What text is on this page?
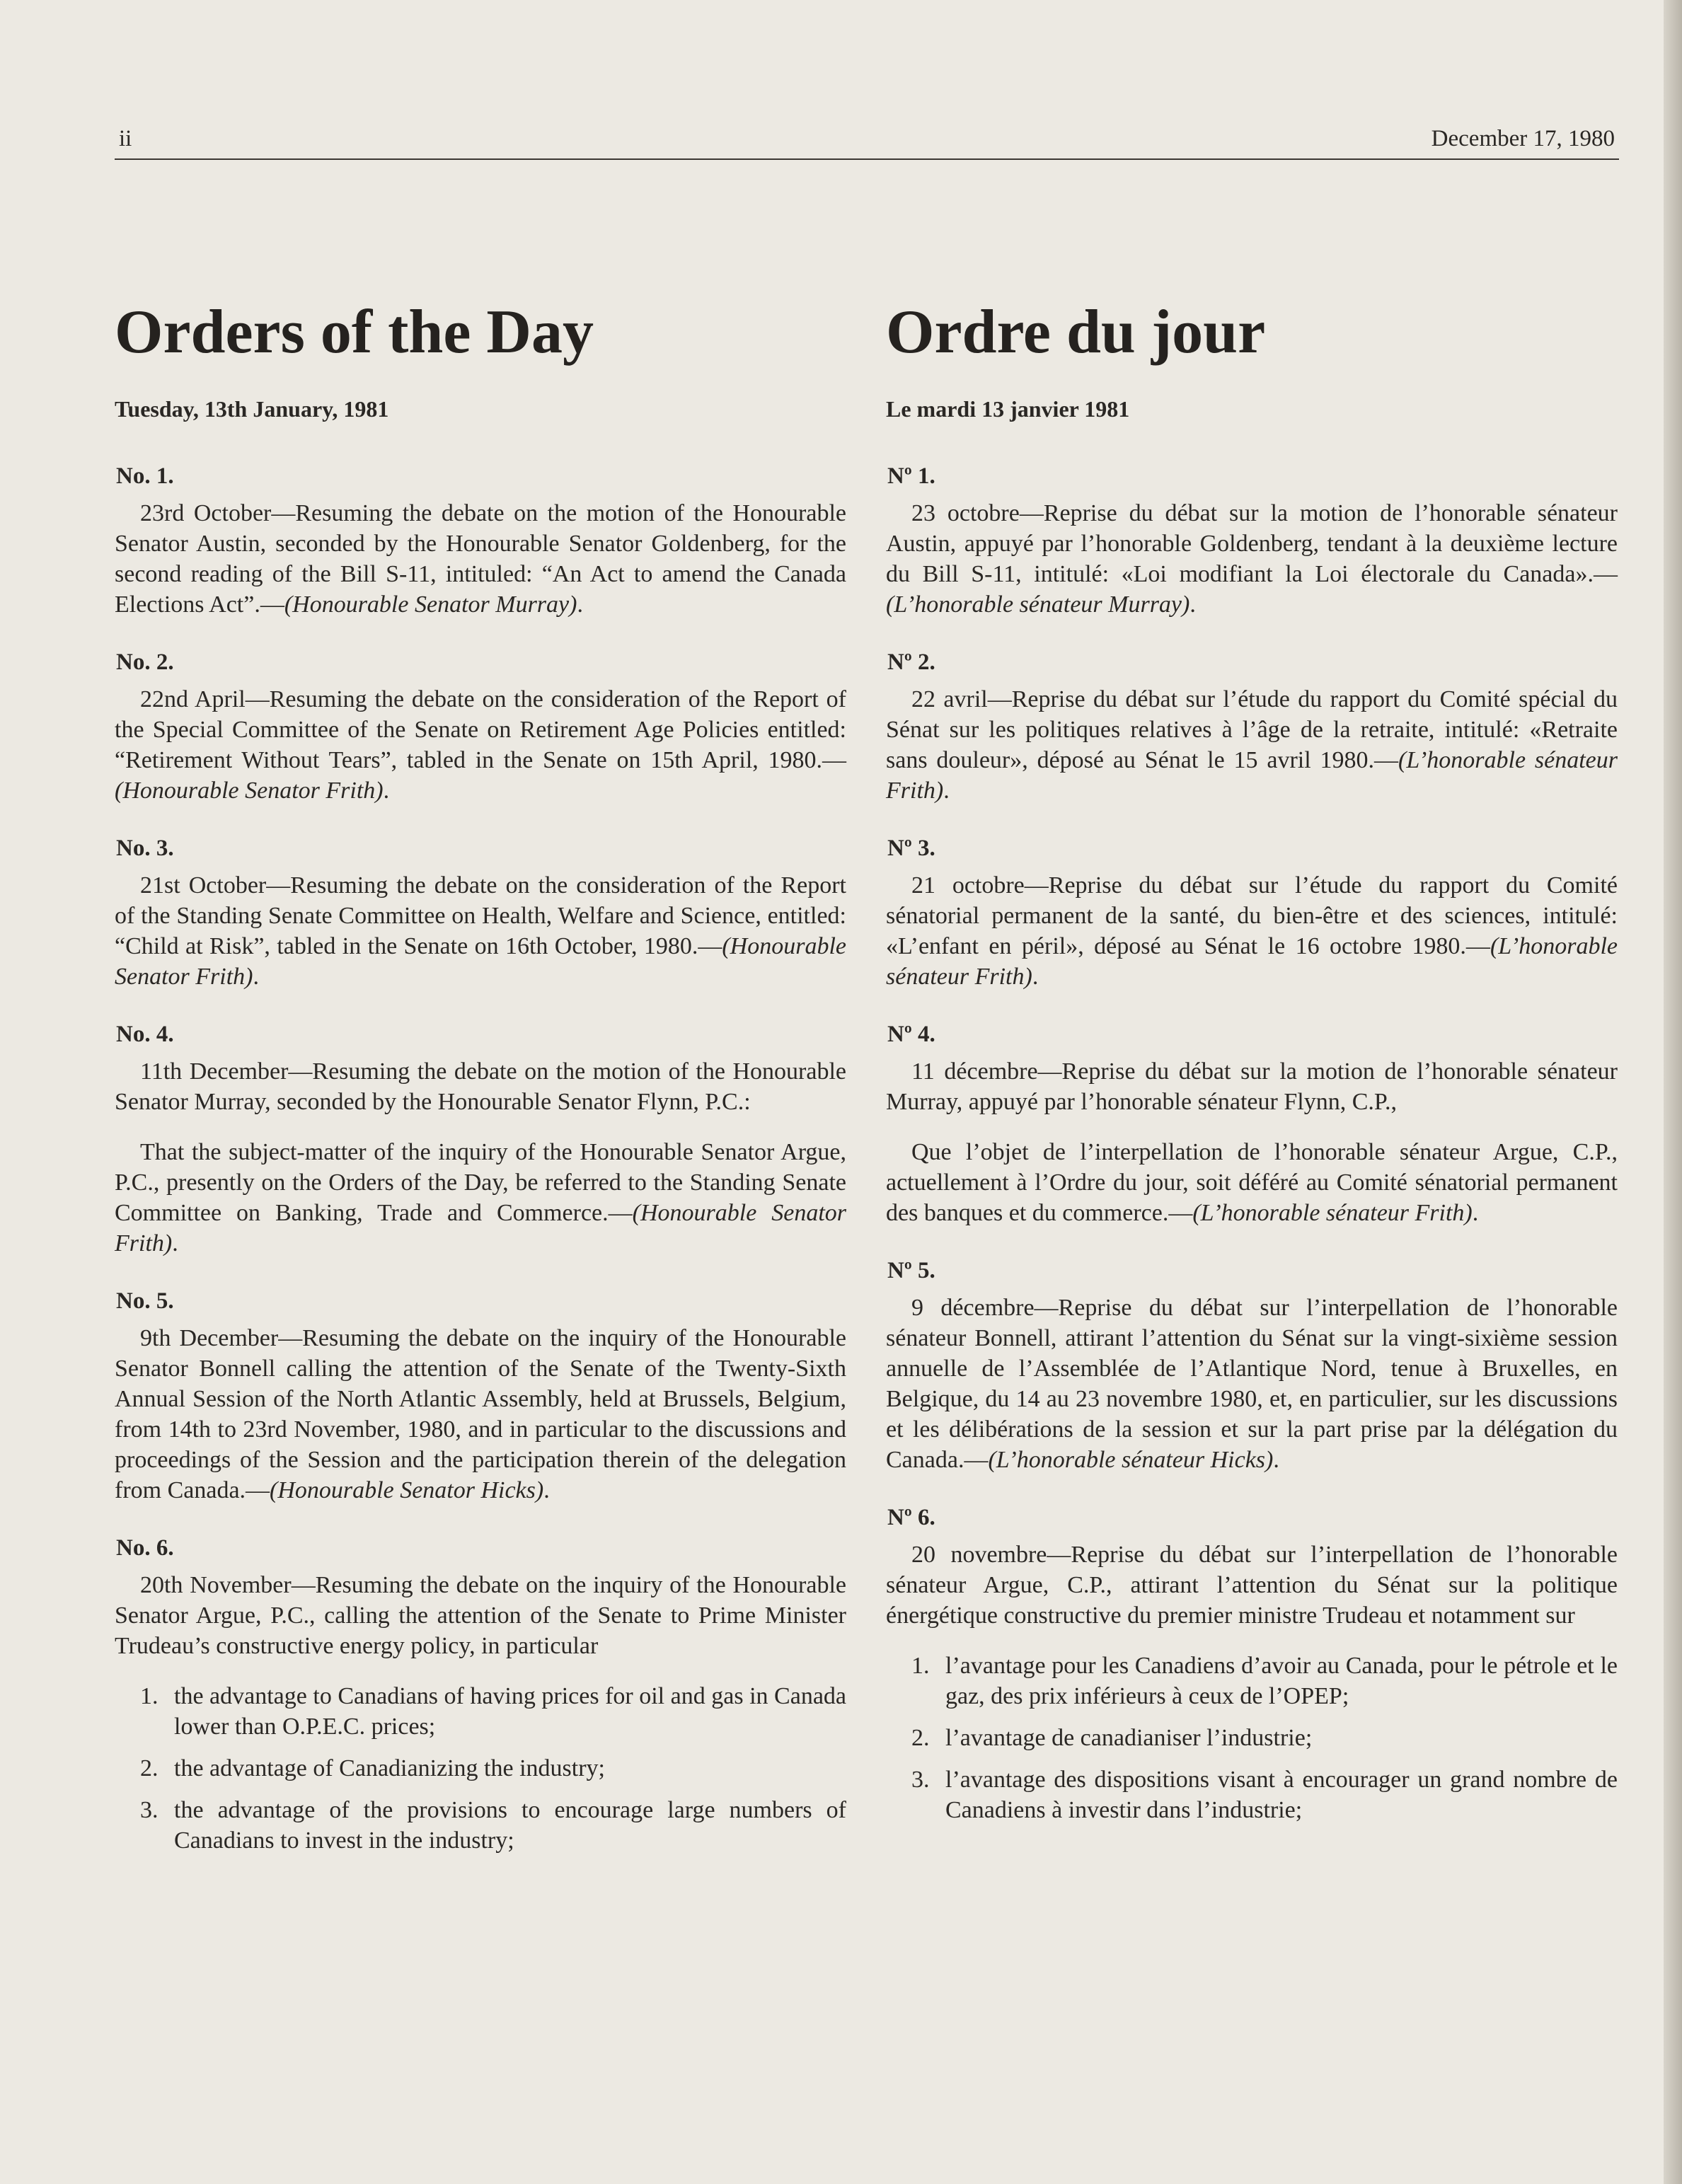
ii	December 17, 1980
Orders of the Day
Tuesday, 13th January, 1981
No. 1.

23rd October—Resuming the debate on the motion of the Honourable Senator Austin, seconded by the Honourable Senator Goldenberg, for the second reading of the Bill S-11, intituled: “An Act to amend the Canada Elections Act”.—(Honourable Senator Murray).

No. 2.

22nd April—Resuming the debate on the consideration of the Report of the Special Committee of the Senate on Retirement Age Policies entitled: “Retirement Without Tears”, tabled in the Senate on 15th April, 1980.—(Honourable Senator Frith).

No. 3.

21st October—Resuming the debate on the consideration of the Report of the Standing Senate Committee on Health, Welfare and Science, entitled: “Child at Risk”, tabled in the Senate on 16th October, 1980.—(Honourable Senator Frith).

No. 4.

11th December—Resuming the debate on the motion of the Honourable Senator Murray, seconded by the Honourable Senator Flynn, P.C.:

That the subject-matter of the inquiry of the Honourable Senator Argue, P.C., presently on the Orders of the Day, be referred to the Standing Senate Committee on Banking, Trade and Commerce.—(Honourable Senator Frith).

No. 5.

9th December—Resuming the debate on the inquiry of the Honourable Senator Bonnell calling the attention of the Senate of the Twenty-Sixth Annual Session of the North Atlantic Assembly, held at Brussels, Belgium, from 14th to 23rd November, 1980, and in particular to the discussions and proceedings of the Session and the participation therein of the delegation from Canada.—(Honourable Senator Hicks).

No. 6.

20th November—Resuming the debate on the inquiry of the Honourable Senator Argue, P.C., calling the attention of the Senate to Prime Minister Trudeau’s constructive energy policy, in particular

1. the advantage to Canadians of having prices for oil and gas in Canada lower than O.P.E.C. prices;
2. the advantage of Canadianizing the industry;
3. the advantage of the provisions to encourage large numbers of Canadians to invest in the industry;
Ordre du jour
Le mardi 13 janvier 1981
Nº 1.

23 octobre—Reprise du débat sur la motion de l’honorable sénateur Austin, appuyé par l’honorable Goldenberg, tendant à la deuxième lecture du Bill S-11, intitulé: «Loi modifiant la Loi électorale du Canada».—(L’honorable sénateur Murray).

Nº 2.

22 avril—Reprise du débat sur l’étude du rapport du Comité spécial du Sénat sur les politiques relatives à l’âge de la retraite, intitulé: «Retraite sans douleur», déposé au Sénat le 15 avril 1980.—(L’honorable sénateur Frith).

Nº 3.

21 octobre—Reprise du débat sur l’étude du rapport du Comité sénatorial permanent de la santé, du bien-être et des sciences, intitulé: «L’enfant en péril», déposé au Sénat le 16 octobre 1980.—(L’honorable sénateur Frith).

Nº 4.

11 décembre—Reprise du débat sur la motion de l’honorable sénateur Murray, appuyé par l’honorable sénateur Flynn, C.P.,

Que l’objet de l’interpellation de l’honorable sénateur Argue, C.P., actuellement à l’Ordre du jour, soit déféré au Comité sénatorial permanent des banques et du commerce.—(L’honorable sénateur Frith).

Nº 5.

9 décembre—Reprise du débat sur l’interpellation de l’honorable sénateur Bonnell, attirant l’attention du Sénat sur la vingt-sixième session annuelle de l’Assemblée de l’Atlantique Nord, tenue à Bruxelles, en Belgique, du 14 au 23 novembre 1980, et, en particulier, sur les discussions et les délibérations de la session et sur la part prise par la délégation du Canada.—(L’honorable sénateur Hicks).

Nº 6.

20 novembre—Reprise du débat sur l’interpellation de l’honorable sénateur Argue, C.P., attirant l’attention du Sénat sur la politique énergétique constructive du premier ministre Trudeau et notamment sur

1. l’avantage pour les Canadiens d’avoir au Canada, pour le pétrole et le gaz, des prix inférieurs à ceux de l’OPEP;
2. l’avantage de canadianiser l’industrie;
3. l’avantage des dispositions visant à encourager un grand nombre de Canadiens à investir dans l’industrie;
